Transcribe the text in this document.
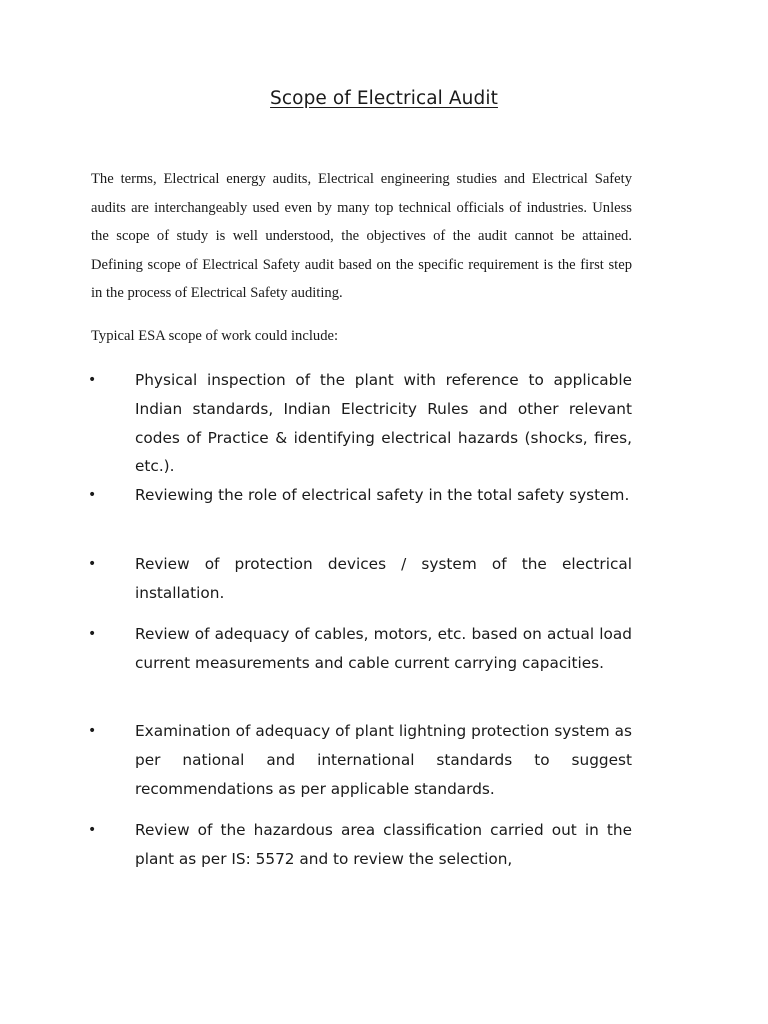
Scope of Electrical Audit

The terms, Electrical energy audits, Electrical engineering studies and Electrical Safety audits are interchangeably used even by many top technical officials of industries. Unless the scope of study is well understood, the objectives of the audit cannot be attained. Defining scope of Electrical Safety audit based on the specific requirement is the first step in the process of Electrical Safety auditing.

Typical ESA scope of work could include:

•	Physical inspection of the plant with reference to applicable Indian standards, Indian Electricity Rules and other relevant codes of Practice & identifying electrical hazards (shocks, fires, etc.).

•	Reviewing the role of electrical safety in the total safety system.

•	Review of protection devices / system of the electrical installation.

•	Review of adequacy of cables, motors, etc. based on actual load current measurements and cable current carrying capacities.

•	Examination of adequacy of plant lightning protection system as per national and international standards to suggest recommendations as per applicable standards.

•	Review of the hazardous area classification carried out in the plant as per IS: 5572 and to review the selection,
